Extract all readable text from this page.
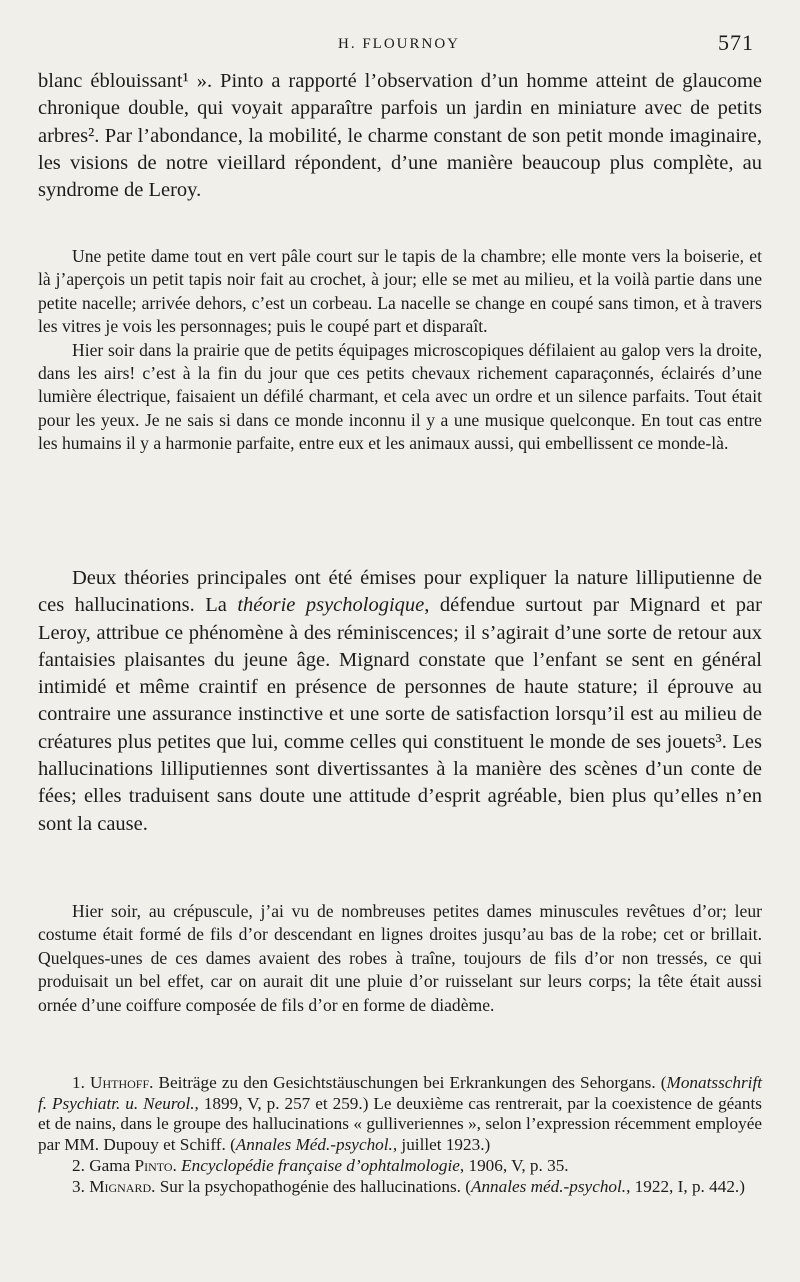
H. FLOURNOY	571

blanc éblouissant¹ ». Pinto a rapporté l’observation d’un homme atteint de glaucome chronique double, qui voyait apparaître parfois un jardin en miniature avec de petits arbres². Par l’abondance, la mobilité, le charme constant de son petit monde imaginaire, les visions de notre vieillard répondent, d’une manière beaucoup plus complète, au syndrome de Leroy.

Une petite dame tout en vert pâle court sur le tapis de la chambre; elle monte vers la boiserie, et là j’aperçois un petit tapis noir fait au crochet, à jour; elle se met au milieu, et la voilà partie dans une petite nacelle; arrivée dehors, c’est un corbeau. La nacelle se change en coupé sans timon, et à travers les vitres je vois les personnages; puis le coupé part et disparaît.

Hier soir dans la prairie que de petits équipages microscopiques défilaient au galop vers la droite, dans les airs! c’est à la fin du jour que ces petits chevaux richement caparaçonnés, éclairés d’une lumière électrique, faisaient un défilé charmant, et cela avec un ordre et un silence parfaits. Tout était pour les yeux. Je ne sais si dans ce monde inconnu il y a une musique quelconque. En tout cas entre les humains il y a harmonie parfaite, entre eux et les animaux aussi, qui embellissent ce monde-là.

Deux théories principales ont été émises pour expliquer la nature lilliputienne de ces hallucinations. La théorie psychologique, défendue surtout par Mignard et par Leroy, attribue ce phénomène à des réminiscences; il s’agirait d’une sorte de retour aux fantaisies plaisantes du jeune âge. Mignard constate que l’enfant se sent en général intimidé et même craintif en présence de personnes de haute stature; il éprouve au contraire une assurance instinctive et une sorte de satisfaction lorsqu’il est au milieu de créatures plus petites que lui, comme celles qui constituent le monde de ses jouets³. Les hallucinations lilliputiennes sont divertissantes à la manière des scènes d’un conte de fées; elles traduisent sans doute une attitude d’esprit agréable, bien plus qu’elles n’en sont la cause.

Hier soir, au crépuscule, j’ai vu de nombreuses petites dames minuscules revêtues d’or; leur costume était formé de fils d’or descendant en lignes droites jusqu’au bas de la robe; cet or brillait. Quelques-unes de ces dames avaient des robes à traîne, toujours de fils d’or non tressés, ce qui produisait un bel effet, car on aurait dit une pluie d’or ruisselant sur leurs corps; la tête était aussi ornée d’une coiffure composée de fils d’or en forme de diadème.

1. Uhthoff. Beiträge zu den Gesichtstäuschungen bei Erkrankungen des Sehorgans. (Monatsschrift f. Psychiatr. u. Neurol., 1899, V, p. 257 et 259.) Le deuxième cas rentrerait, par la coexistence de géants et de nains, dans le groupe des hallucinations « gulliveriennes », selon l’expression récemment employée par MM. Dupouy et Schiff. (Annales Méd.-psychol., juillet 1923.)

2. Gama Pinto. Encyclopédie française d’ophtalmologie, 1906, V, p. 35.

3. Mignard. Sur la psychopathogénie des hallucinations. (Annales méd.-psychol., 1922, I, p. 442.)
